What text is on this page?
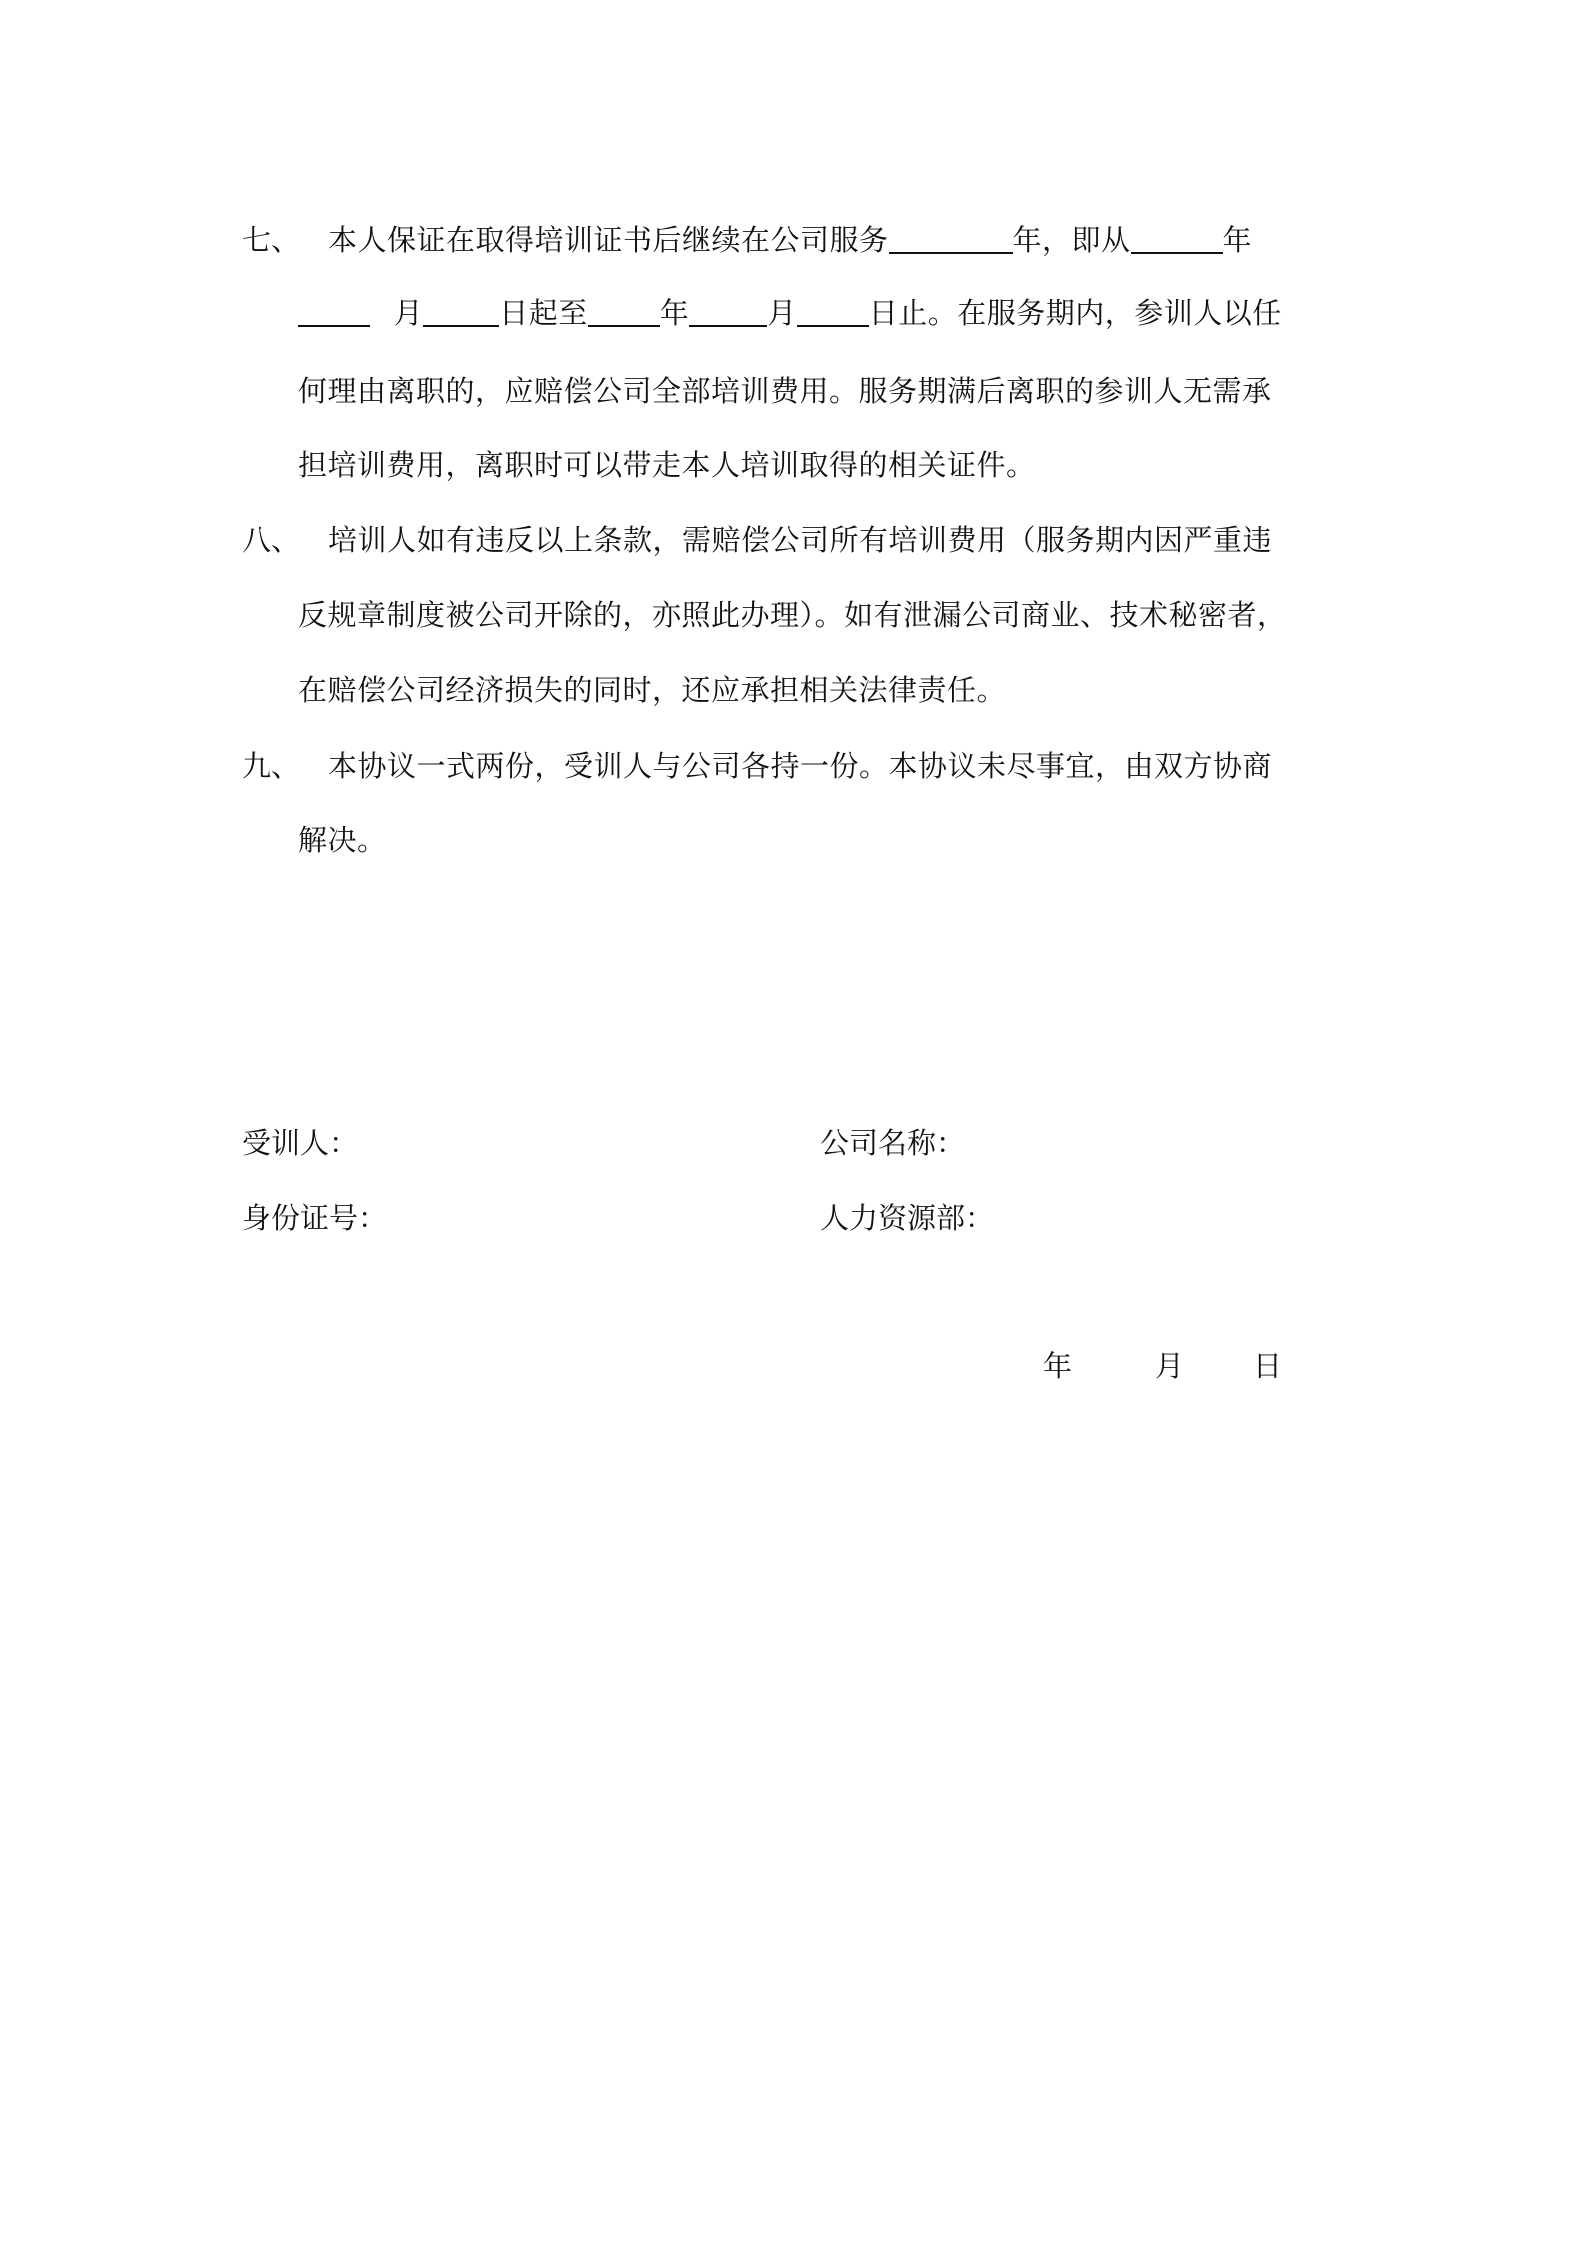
七、 本人保证在取得培训证书后继续在公司服务	年，即从	年
月	日起至 年	月 日止。在服务期内，参训人以任
何理由离职的，应赔偿公司全部培训费用。服务期满后离职的参训人无需承
担培训费用，离职时可以带走本人培训取得的相关证件。
八、 培训人如有违反以上条款，需赔偿公司所有培训费用（服务期内因严重违
反规章制度被公司开除的，亦照此办理）。如有泄漏公司商业、技术秘密者，
在赔偿公司经济损失的同时，还应承担相关法律责任。
九、 本协议一式两份，受训人与公司各持一份。本协议未尽事宜，由双方协商
解决。
受训人：	公司名称：
身份证号：	人力资源部：
年	月 日
